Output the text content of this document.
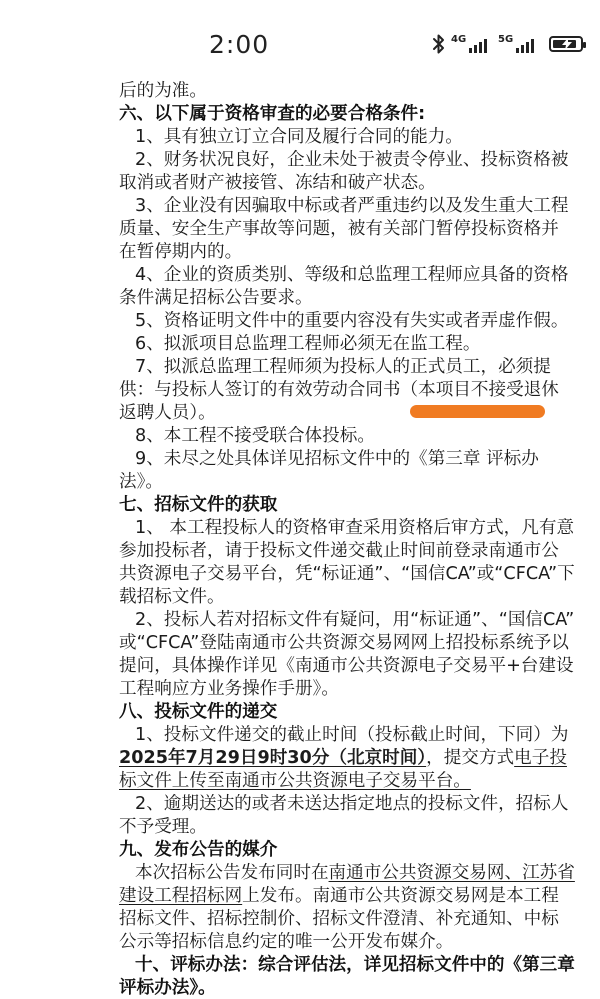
2:00	4G	5G
后的为准。
六、以下属于资格审查的必要合格条件:
1、具有独立订立合同及履行合同的能力。
2、财务状况良好，企业未处于被责令停业、投标资格被
取消或者财产被接管、冻结和破产状态。
3、企业没有因骗取中标或者严重违约以及发生重大工程
质量、安全生产事故等问题，被有关部门暂停投标资格并
在暂停期内的。
4、企业的资质类别、等级和总监理工程师应具备的资格
条件满足招标公告要求。
5、资格证明文件中的重要内容没有失实或者弄虚作假。
6、拟派项目总监理工程师必须无在监工程。
7、拟派总监理工程师须为投标人的正式员工，必须提
供：与投标人签订的有效劳动合同书（本项目不接受退休
返聘人员）。
8、本工程不接受联合体投标。
9、未尽之处具体详见招标文件中的《第三章 评标办
法》。
七、招标文件的获取
1、 本工程投标人的资格审查采用资格后审方式，凡有意
参加投标者，请于投标文件递交截止时间前登录南通市公
共资源电子交易平台，凭“标证通”、“国信CA”或“CFCA”下
载招标文件。
2、投标人若对招标文件有疑问，用“标证通”、“国信CA”
或“CFCA”登陆南通市公共资源交易网网上招投标系统予以
提问，具体操作详见《南通市公共资源电子交易平+台建设
工程响应方业务操作手册》。
八、投标文件的递交
1、投标文件递交的截止时间（投标截止时间，下同）为
2025年7月29日9时30分（北京时间），提交方式电子投
标文件上传至南通市公共资源电子交易平台。
2、逾期送达的或者未送达指定地点的投标文件，招标人
不予受理。
九、发布公告的媒介
本次招标公告发布同时在南通市公共资源交易网、江苏省
建设工程招标网上发布。南通市公共资源交易网是本工程
招标文件、招标控制价、招标文件澄清、补充通知、中标
公示等招标信息约定的唯一公开发布媒介。
十、评标办法：综合评估法，详见招标文件中的《第三章
评标办法》。
